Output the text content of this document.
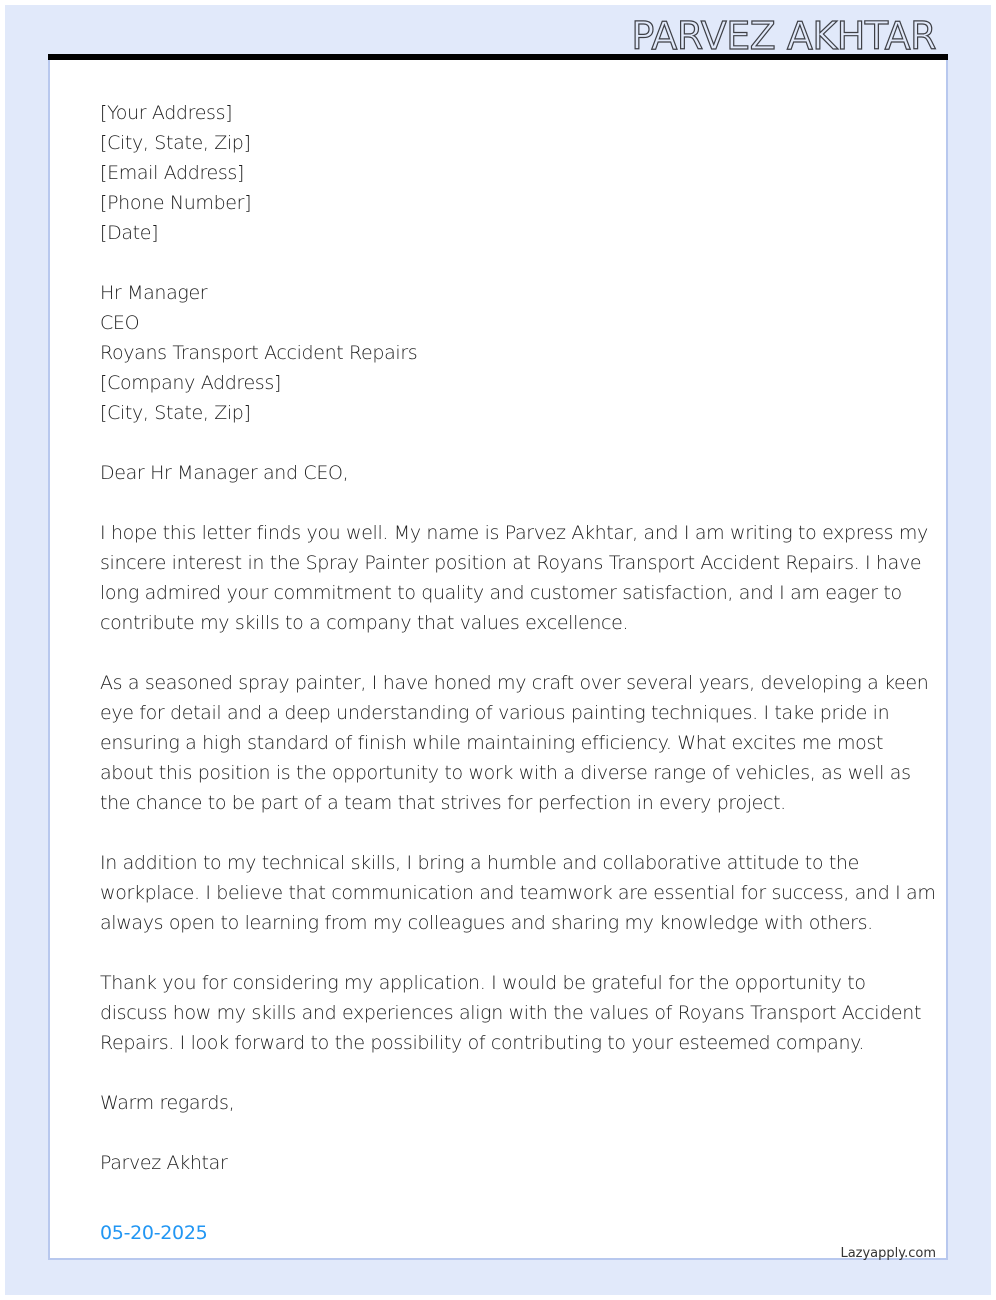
PARVEZ AKHTAR
[Your Address]
[City, State, Zip]
[Email Address]
[Phone Number]
[Date]
Hr Manager
CEO
Royans Transport Accident Repairs
[Company Address]
[City, State, Zip]
Dear Hr Manager and CEO,
I hope this letter finds you well. My name is Parvez Akhtar, and I am writing to express my
sincere interest in the Spray Painter position at Royans Transport Accident Repairs. I have
long admired your commitment to quality and customer satisfaction, and I am eager to
contribute my skills to a company that values excellence.
As a seasoned spray painter, I have honed my craft over several years, developing a keen
eye for detail and a deep understanding of various painting techniques. I take pride in
ensuring a high standard of finish while maintaining efficiency. What excites me most
about this position is the opportunity to work with a diverse range of vehicles, as well as
the chance to be part of a team that strives for perfection in every project.
In addition to my technical skills, I bring a humble and collaborative attitude to the
workplace. I believe that communication and teamwork are essential for success, and I am
always open to learning from my colleagues and sharing my knowledge with others.
Thank you for considering my application. I would be grateful for the opportunity to
discuss how my skills and experiences align with the values of Royans Transport Accident
Repairs. I look forward to the possibility of contributing to your esteemed company.
Warm regards,
Parvez Akhtar
05-20-2025
Lazyapply.com
